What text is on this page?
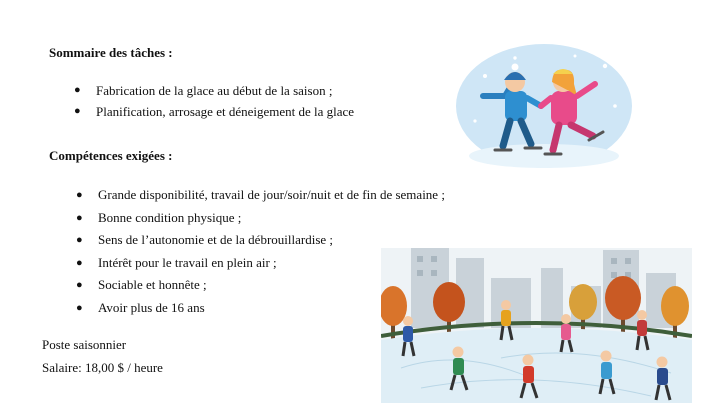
Sommaire des tâches :
● Fabrication de la glace au début de la saison ;
● Planification, arrosage et déneigement de la glace
Compétences exigées :
● Grande disponibilité, travail de jour/soir/nuit et de fin de semaine ;
● Bonne condition physique ;
● Sens de l’autonomie et de la débrouillardise ;
● Intérêt pour le travail en plein air ;
● Sociable et honnête ;
● Avoir plus de 16 ans
Poste saisonnier
Salaire: 18,00 $ / heure
